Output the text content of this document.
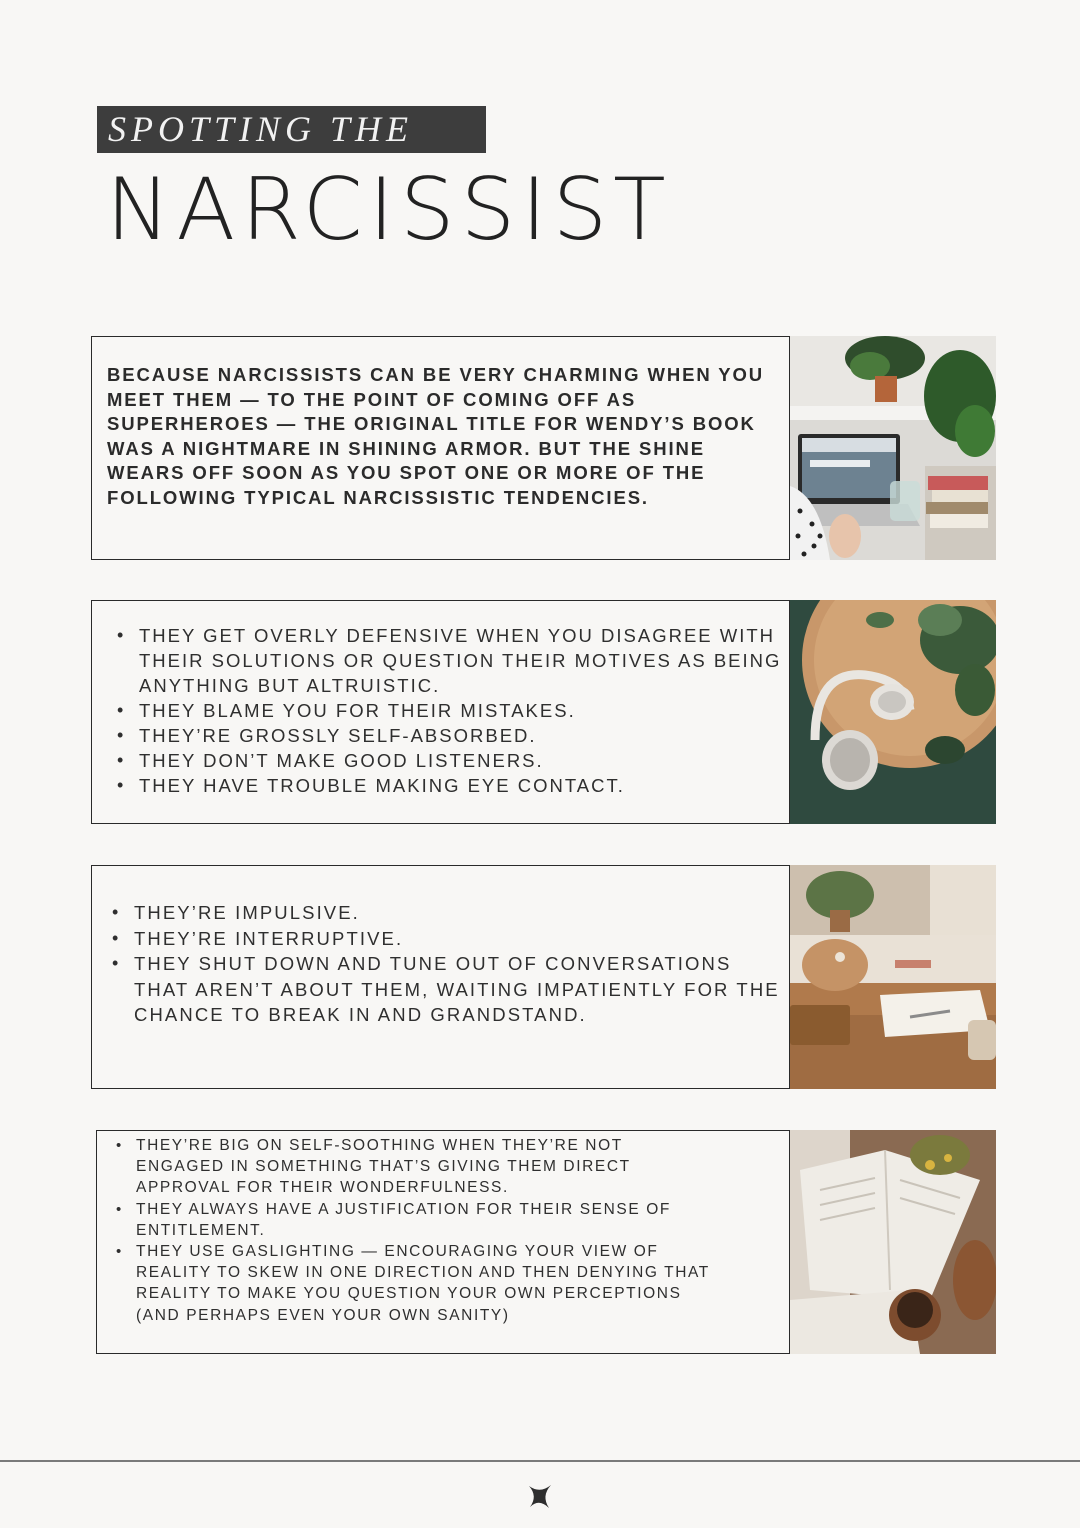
SPOTTING THE
NARCISSIST

BECAUSE NARCISSISTS CAN BE VERY CHARMING WHEN YOU MEET THEM — TO THE POINT OF COMING OFF AS SUPERHEROES — THE ORIGINAL TITLE FOR WENDY’S BOOK WAS A NIGHTMARE IN SHINING ARMOR. BUT THE SHINE WEARS OFF SOON AS YOU SPOT ONE OR MORE OF THE FOLLOWING TYPICAL NARCISSISTIC TENDENCIES.

• THEY GET OVERLY DEFENSIVE WHEN YOU DISAGREE WITH THEIR SOLUTIONS OR QUESTION THEIR MOTIVES AS BEING ANYTHING BUT ALTRUISTIC.
• THEY BLAME YOU FOR THEIR MISTAKES.
• THEY’RE GROSSLY SELF-ABSORBED.
• THEY DON’T MAKE GOOD LISTENERS.
• THEY HAVE TROUBLE MAKING EYE CONTACT.
• THEY’RE IMPULSIVE.
• THEY’RE INTERRUPTIVE.
• THEY SHUT DOWN AND TUNE OUT OF CONVERSATIONS THAT AREN’T ABOUT THEM, WAITING IMPATIENTLY FOR THE CHANCE TO BREAK IN AND GRANDSTAND.
• THEY’RE BIG ON SELF-SOOTHING WHEN THEY’RE NOT ENGAGED IN SOMETHING THAT’S GIVING THEM DIRECT APPROVAL FOR THEIR WONDERFULNESS.
• THEY ALWAYS HAVE A JUSTIFICATION FOR THEIR SENSE OF ENTITLEMENT.
• THEY USE GASLIGHTING — ENCOURAGING YOUR VIEW OF REALITY TO SKEW IN ONE DIRECTION AND THEN DENYING THAT REALITY TO MAKE YOU QUESTION YOUR OWN PERCEPTIONS (AND PERHAPS EVEN YOUR OWN SANITY)
